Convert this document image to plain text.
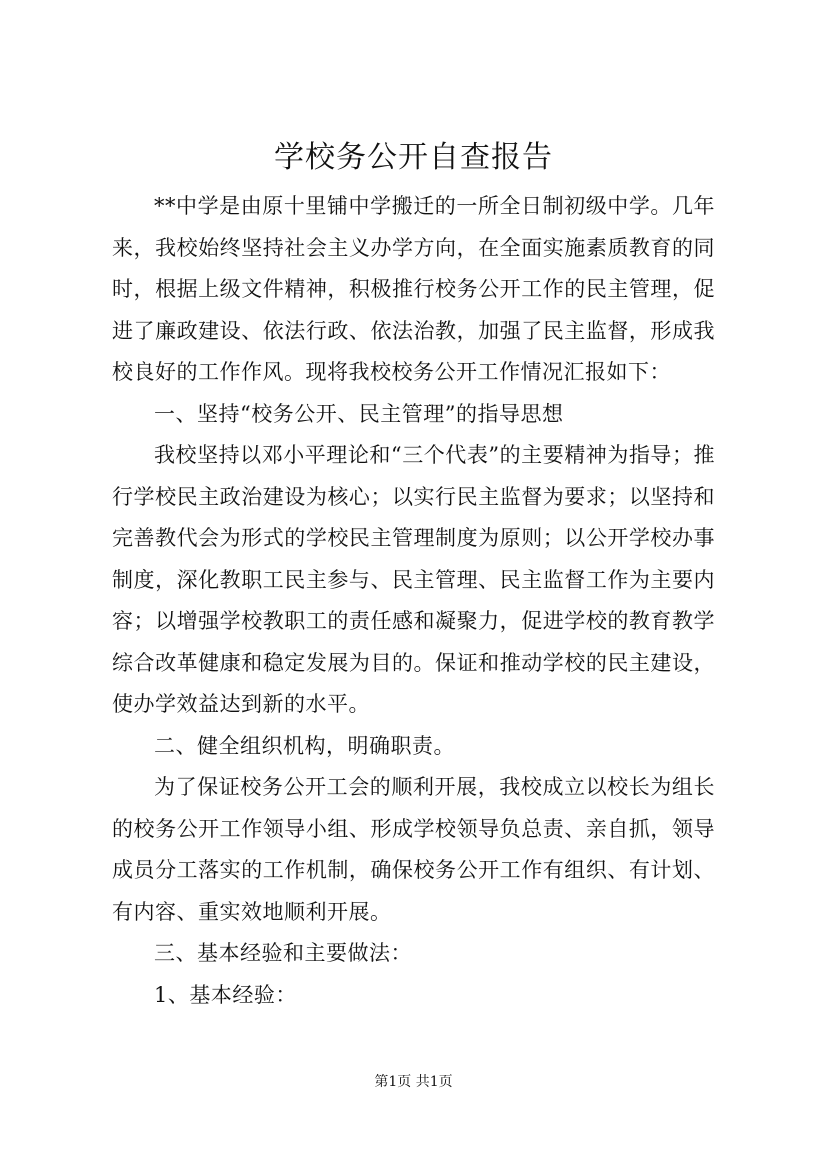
学校务公开自查报告

**中学是由原十里铺中学搬迁的一所全日制初级中学。几年来，我校始终坚持社会主义办学方向，在全面实施素质教育的同时，根据上级文件精神，积极推行校务公开工作的民主管理，促进了廉政建设、依法行政、依法治教，加强了民主监督，形成我校良好的工作作风。现将我校校务公开工作情况汇报如下：

一、坚持“校务公开、民主管理”的指导思想

我校坚持以邓小平理论和“三个代表”的主要精神为指导；推行学校民主政治建设为核心；以实行民主监督为要求；以坚持和完善教代会为形式的学校民主管理制度为原则；以公开学校办事制度，深化教职工民主参与、民主管理、民主监督工作为主要内容；以增强学校教职工的责任感和凝聚力，促进学校的教育教学综合改革健康和稳定发展为目的。保证和推动学校的民主建设，使办学效益达到新的水平。

二、健全组织机构，明确职责。

为了保证校务公开工会的顺利开展，我校成立以校长为组长的校务公开工作领导小组、形成学校领导负总责、亲自抓，领导成员分工落实的工作机制，确保校务公开工作有组织、有计划、有内容、重实效地顺利开展。

三、基本经验和主要做法：

1、基本经验：

第1页 共1页
